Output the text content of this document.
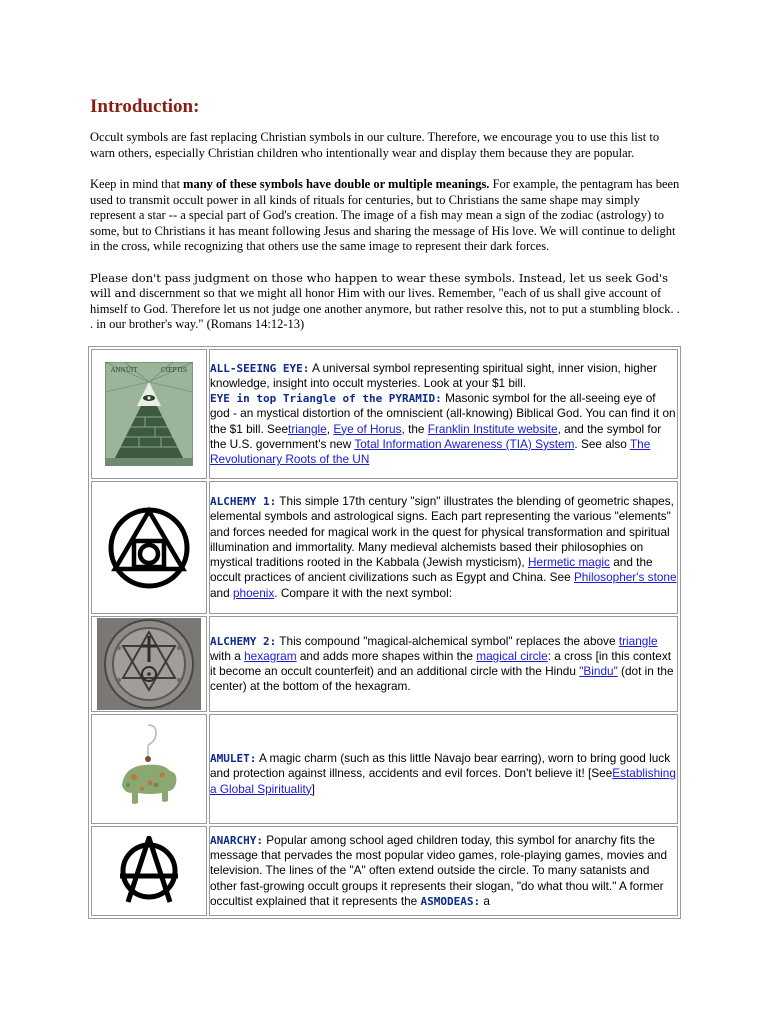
Introduction:

Occult symbols are fast replacing Christian symbols in our culture. Therefore, we encourage you to use this list to warn others, especially Christian children who intentionally wear and display them because they are popular.

Keep in mind that many of these symbols have double or multiple meanings. For example, the pentagram has been used to transmit occult power in all kinds of rituals for centuries, but to Christians the same shape may simply represent a star -- a special part of God's creation. The image of a fish may mean a sign of the zodiac (astrology) to some, but to Christians it has meant following Jesus and sharing the message of His love. We will continue to delight in the cross, while recognizing that others use the same image to represent their dark forces.

Please don't pass judgment on those who happen to wear these symbols. Instead, let us seek God's will and discernment so that we might all honor Him with our lives. Remember, "each of us shall give account of himself to God. Therefore let us not judge one another anymore, but rather resolve this, not to put a stumbling block. . . in our brother's way." (Romans 14:12-13)

ANNŪIT CŒPTIS	ALL-SEEING EYE: A universal symbol representing spiritual sight, inner vision, higher knowledge, insight into occult mysteries. Look at your $1 bill.
EYE in top Triangle of the PYRAMID: Masonic symbol for the all-seeing eye of god - an mystical distortion of the omniscient (all-knowing) Biblical God. You can find it on the $1 bill. Seetriangle, Eye of Horus, the Franklin Institute website, and the symbol for the U.S. government's new Total Information Awareness (TIA) System. See also The Revolutionary Roots of the UN

	ALCHEMY 1: This simple 17th century "sign" illustrates the blending of geometric shapes, elemental symbols and astrological signs. Each part representing the various "elements" and forces needed for magical work in the quest for physical transformation and spiritual illumination and immortality. Many medieval alchemists based their philosophies on mystical traditions rooted in the Kabbala (Jewish mysticism), Hermetic magic and the occult practices of ancient civilizations such as Egypt and China. See Philosopher's stone and phoenix. Compare it with the next symbol:

	ALCHEMY 2: This compound "magical-alchemical symbol" replaces the above triangle with a hexagram and adds more shapes within the magical circle: a cross [in this context it become an occult counterfeit) and an additional circle with the Hindu "Bindu" (dot in the center) at the bottom of the hexagram.

	AMULET: A magic charm (such as this little Navajo bear earring), worn to bring good luck and protection against illness, accidents and evil forces. Don't believe it! [SeeEstablishing a Global Spirituality]

	ANARCHY: Popular among school aged children today, this symbol for anarchy fits the message that pervades the most popular video games, role-playing games, movies and television. The lines of the "A" often extend outside the circle. To many satanists and other fast-growing occult groups it represents their slogan, "do what thou wilt." A former occultist explained that it represents the ASMODEAS: a
